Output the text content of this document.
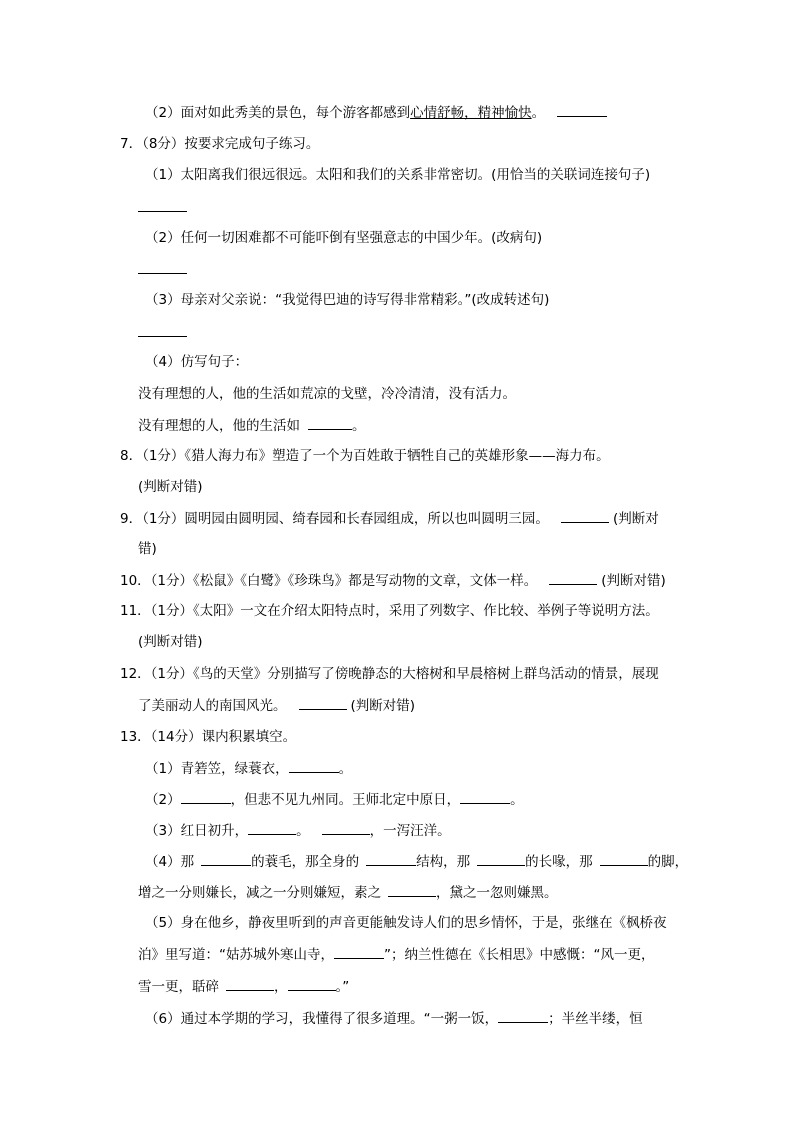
（2）面对如此秀美的景色，每个游客都感到心情舒畅，精神愉快。
7．（8分）按要求完成句子练习。
（1）太阳离我们很远很远。太阳和我们的关系非常密切。(用恰当的关联词连接句子)
（2）任何一切困难都不可能吓倒有坚强意志的中国少年。(改病句)
（3）母亲对父亲说：“我觉得巴迪的诗写得非常精彩。”(改成转述句)
（4）仿写句子：
没有理想的人，他的生活如荒凉的戈壁，冷冷清清，没有活力。
没有理想的人，他的生活如	。
8．（1分）《猎人海力布》塑造了一个为百姓敢于牺牲自己的英雄形象——海力布。
(判断对错)
9．（1分）圆明园由圆明园、绮春园和长春园组成，所以也叫圆明三园。	(判断对
错)
10．（1分）《松鼠》《白鹭》《珍珠鸟》都是写动物的文章，文体一样。	(判断对错)
11．（1分）《太阳》一文在介绍太阳特点时，采用了列数字、作比较、举例子等说明方法。
(判断对错)
12．（1分）《鸟的天堂》分别描写了傍晚静态的大榕树和早晨榕树上群鸟活动的情景，展现
了美丽动人的南国风光。	(判断对错)
13．（14分）课内积累填空。
（1）青箬笠，绿蓑衣，	。
（2）	，但悲不见九州同。王师北定中原日，	。
（3）红日初升，	。	，一泻汪洋。
（4）那	的蓑毛，那全身的	结构，那	的长喙，那	的脚，
增之一分则嫌长，减之一分则嫌短，素之	，黛之一忽则嫌黑。
（5）身在他乡，静夜里听到的声音更能触发诗人们的思乡情怀，于是，张继在《枫桥夜
泊》里写道：“姑苏城外寒山寺，	”；纳兰性德在《长相思》中感慨：“风一更，
雪一更，聒碎	，	。”
（6）通过本学期的学习，我懂得了很多道理。“一粥一饭，	；半丝半缕，恒
